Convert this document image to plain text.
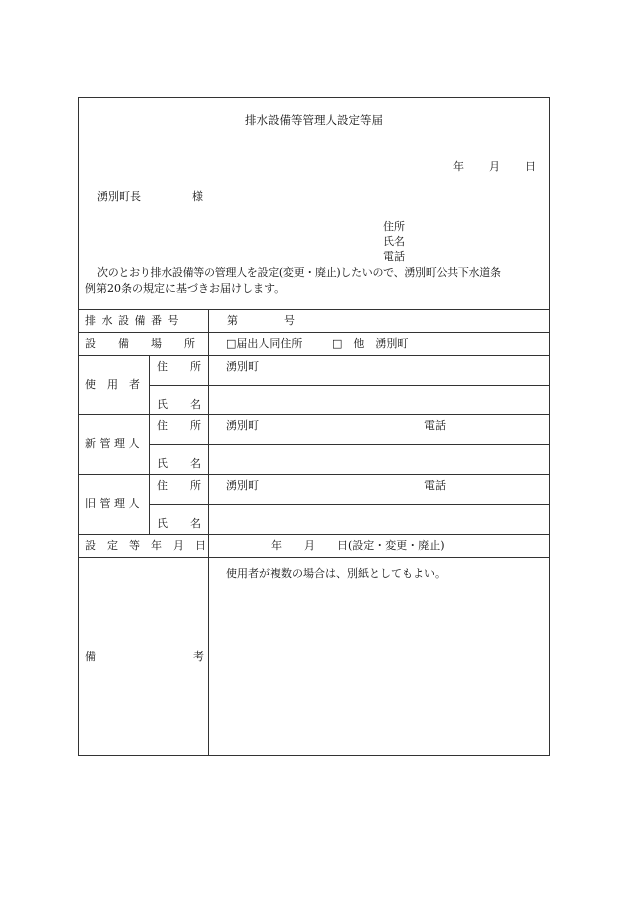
排水設備等管理人設定等届
年 月 日
湧別町長	様
住所
氏名
電話
次のとおり排水設備等の管理人を設定(変更・廃止)したいので、湧別町公共下水道条
例第20条の規定に基づきお届けします。
排 水 設 備 番 号	第	号
設　　備　　場　　所	□届出人同住所	□　他　湧別町
使　用　者
住　　所 湧別町
氏　　名
新 管 理 人
住　　所 湧別町	電話
氏　　名
旧 管 理 人
住　　所 湧別町	電話
氏　　名
設　定　等　年　月　日	年　　月　　日(設定・変更・廃止)
備	考
使用者が複数の場合は、別紙としてもよい。
